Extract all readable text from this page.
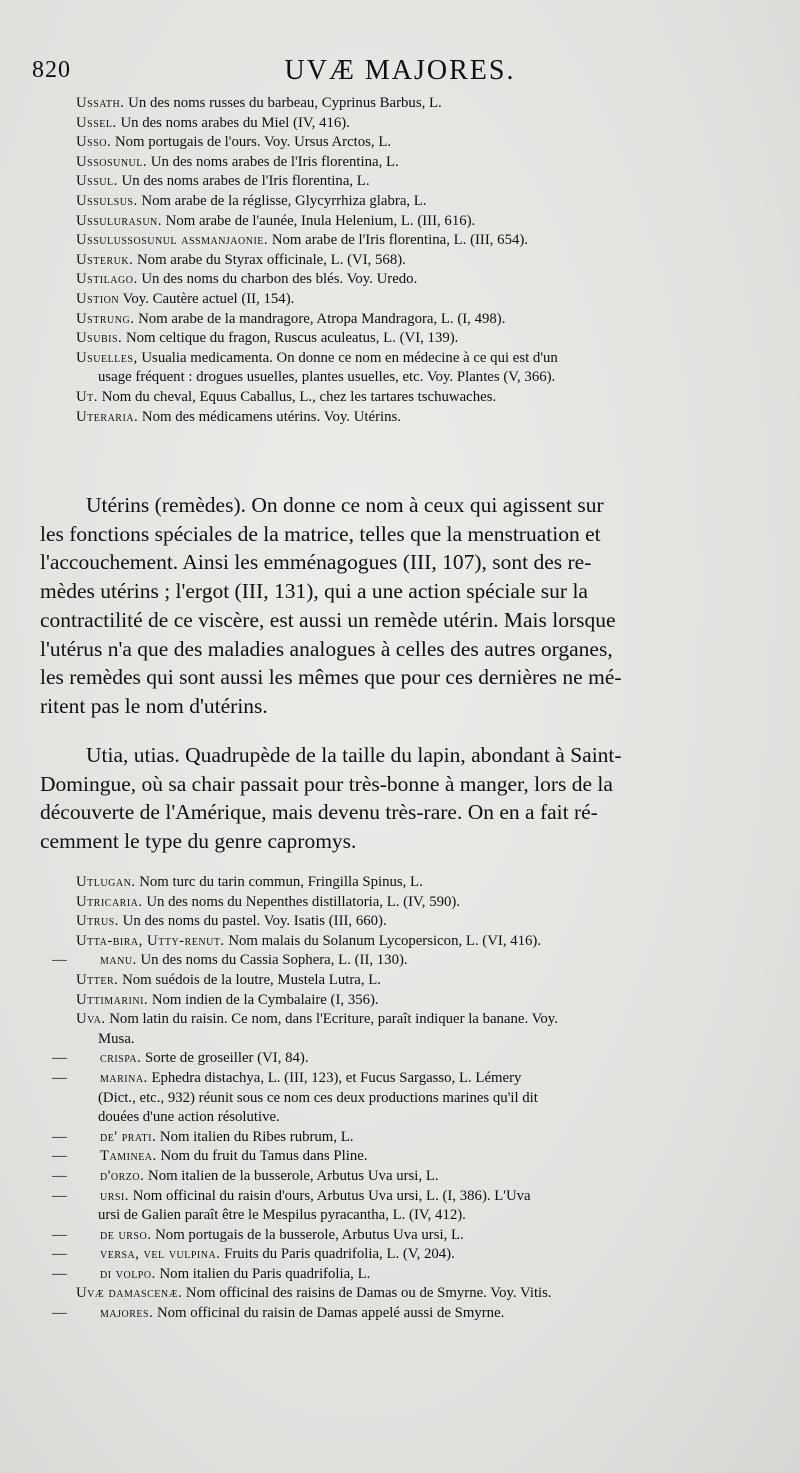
820	UVÆ MAJORES.

Ussath. Un des noms russes du barbeau, Cyprinus Barbus, L.

Ussel. Un des noms arabes du Miel (IV, 416).

Usso. Nom portugais de l'ours. Voy. Ursus Arctos, L.

Ussosunul. Un des noms arabes de l'Iris florentina, L.

Ussul. Un des noms arabes de l'Iris florentina, L.

Ussulsus. Nom arabe de la réglisse, Glycyrrhiza glabra, L.

Ussulurasun. Nom arabe de l'aunée, Inula Helenium, L. (III, 616).

Ussulussosunul assmanjaonie. Nom arabe de l'Iris florentina, L. (III, 654).

Usteruk. Nom arabe du Styrax officinale, L. (VI, 568).

Ustilago. Un des noms du charbon des blés. Voy. Uredo.

Ustion Voy. Cautère actuel (II, 154).

Ustrung. Nom arabe de la mandragore, Atropa Mandragora, L. (I, 498).

Usubis. Nom celtique du fragon, Ruscus aculeatus, L. (VI, 139).

Usuelles, Usualia medicamenta. On donne ce nom en médecine à ce qui est d'un

usage fréquent : drogues usuelles, plantes usuelles, etc. Voy. Plantes (V, 366).

Ut. Nom du cheval, Equus Caballus, L., chez les tartares tschuwaches.

Uteraria. Nom des médicamens utérins. Voy. Utérins.

Utérins (remèdes). On donne ce nom à ceux qui agissent sur

les fonctions spéciales de la matrice, telles que la menstruation et

l'accouchement. Ainsi les emménagogues (III, 107), sont des re-

mèdes utérins ; l'ergot (III, 131), qui a une action spéciale sur la

contractilité de ce viscère, est aussi un remède utérin. Mais lorsque

l'utérus n'a que des maladies analogues à celles des autres organes,

les remèdes qui sont aussi les mêmes que pour ces dernières ne mé-

ritent pas le nom d'utérins.

Utia, utias. Quadrupède de la taille du lapin, abondant à Saint-

Domingue, où sa chair passait pour très-bonne à manger, lors de la

découverte de l'Amérique, mais devenu très-rare. On en a fait ré-

cemment le type du genre capromys.

Utlugan. Nom turc du tarin commun, Fringilla Spinus, L.

Utricaria. Un des noms du Nepenthes distillatoria, L. (IV, 590).

Utrus. Un des noms du pastel. Voy. Isatis (III, 660).

Utta-bira, Utty-renut. Nom malais du Solanum Lycopersicon, L. (VI, 416).

— manu. Un des noms du Cassia Sophera, L. (II, 130).

Utter. Nom suédois de la loutre, Mustela Lutra, L.

Uttimarini. Nom indien de la Cymbalaire (I, 356).

Uva. Nom latin du raisin. Ce nom, dans l'Ecriture, paraît indiquer la banane. Voy.

Musa.

— crispa. Sorte de groseiller (VI, 84).

— marina. Ephedra distachya, L. (III, 123), et Fucus Sargasso, L. Lémery

(Dict., etc., 932) réunit sous ce nom ces deux productions marines qu'il dit

douées d'une action résolutive.

— de' prati. Nom italien du Ribes rubrum, L.

— Taminea. Nom du fruit du Tamus dans Pline.

— d'orzo. Nom italien de la busserole, Arbutus Uva ursi, L.

— ursi. Nom officinal du raisin d'ours, Arbutus Uva ursi, L. (I, 386). L'Uva

ursi de Galien paraît être le Mespilus pyracantha, L. (IV, 412).

— de urso. Nom portugais de la busserole, Arbutus Uva ursi, L.

— versa, vel vulpina. Fruits du Paris quadrifolia, L. (V, 204).

— di volpo. Nom italien du Paris quadrifolia, L.

Uvæ damascenæ. Nom officinal des raisins de Damas ou de Smyrne. Voy. Vitis.

— majores. Nom officinal du raisin de Damas appelé aussi de Smyrne.
